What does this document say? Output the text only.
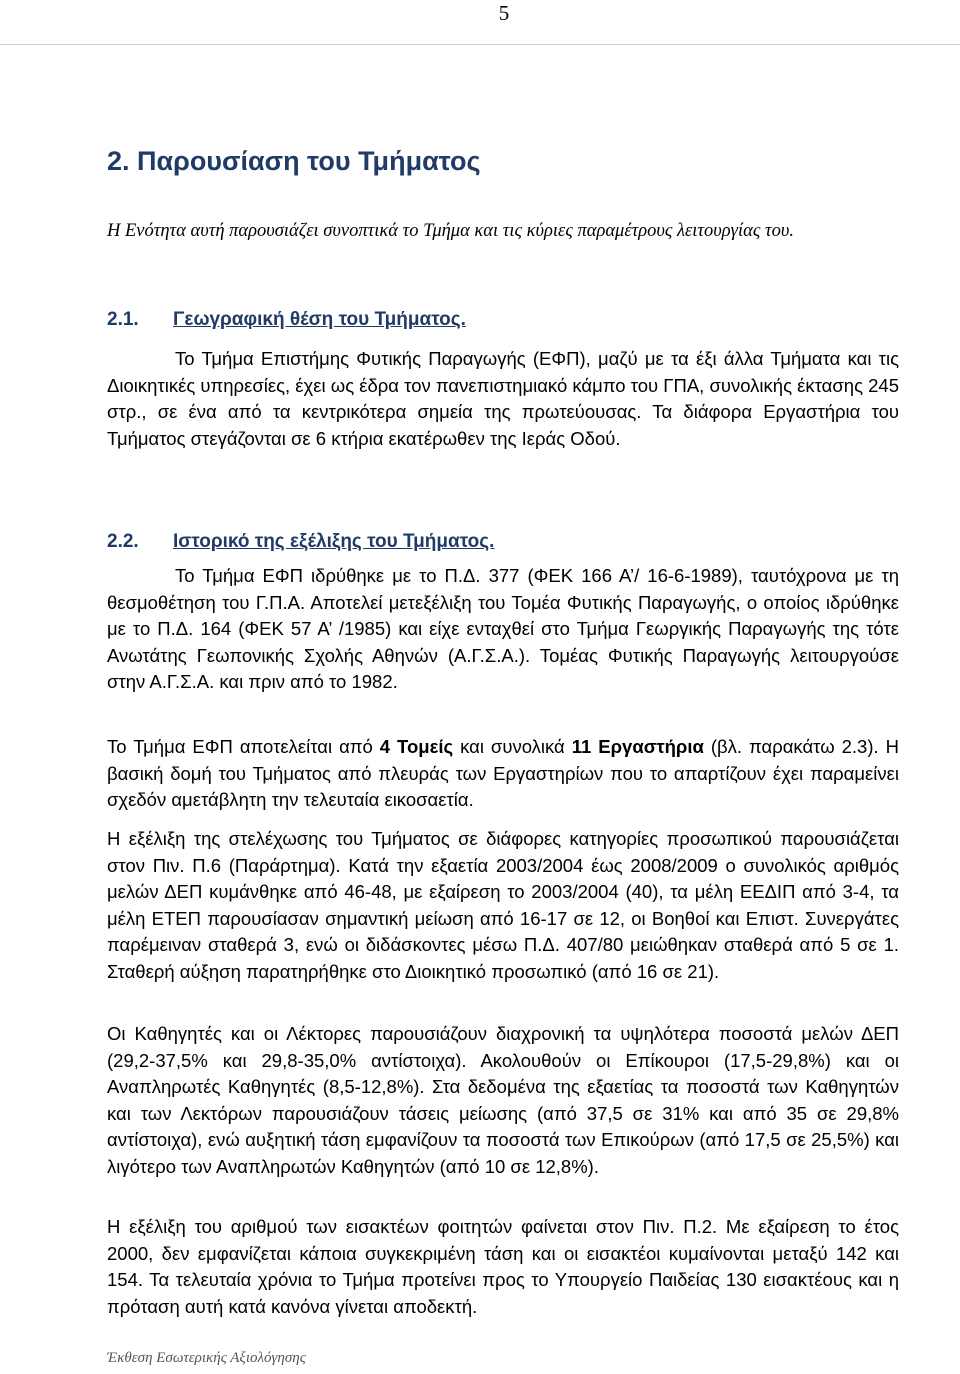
5
2. Παρουσίαση του Τμήματος
Η Ενότητα αυτή παρουσιάζει συνοπτικά το Τμήμα και τις κύριες παραμέτρους λειτουργίας του.
2.1. Γεωγραφική θέση του Τμήματος.

Το Τμήμα Επιστήμης Φυτικής Παραγωγής (ΕΦΠ), μαζύ με τα έξι άλλα Τμήματα και τις Διοικητικές υπηρεσίες, έχει ως έδρα τον πανεπιστημιακό κάμπο του ΓΠΑ, συνολικής έκτασης 245 στρ., σε ένα από τα κεντρικότερα σημεία της πρωτεύουσας. Τα διάφορα Εργαστήρια του Τμήματος στεγάζονται σε 6 κτήρια εκατέρωθεν της Ιεράς Οδού.

2.2. Ιστορικό της εξέλιξης του Τμήματος.

Το Τμήμα ΕΦΠ ιδρύθηκε με το Π.Δ. 377 (ΦΕΚ 166 Α’/ 16-6-1989), ταυτόχρονα με τη θεσμοθέτηση του Γ.Π.Α. Αποτελεί μετεξέλιξη του Τομέα Φυτικής Παραγωγής, ο οποίος ιδρύθηκε με το Π.Δ. 164 (ΦΕΚ 57 Α’ /1985) και είχε ενταχθεί στο Τμήμα Γεωργικής Παραγωγής της τότε Ανωτάτης Γεωπονικής Σχολής Αθηνών (Α.Γ.Σ.Α.). Τομέας Φυτικής Παραγωγής λειτουργούσε στην Α.Γ.Σ.Α. και πριν από το 1982.

Το Τμήμα ΕΦΠ αποτελείται από 4 Τομείς και συνολικά 11 Εργαστήρια (βλ. παρακάτω 2.3). Η βασική δομή του Τμήματος από πλευράς των Εργαστηρίων που το απαρτίζουν έχει παραμείνει σχεδόν αμετάβλητη την τελευταία εικοσαετία.

Η εξέλιξη της στελέχωσης του Τμήματος σε διάφορες κατηγορίες προσωπικού παρουσιάζεται στον Πιν. Π.6 (Παράρτημα). Κατά την εξαετία 2003/2004 έως 2008/2009 ο συνολικός αριθμός μελών ΔΕΠ κυμάνθηκε από 46-48, με εξαίρεση το 2003/2004 (40), τα μέλη ΕΕΔΙΠ από 3-4, τα μέλη ΕΤΕΠ παρουσίασαν σημαντική μείωση από 16-17 σε 12, οι Βοηθοί και Επιστ. Συνεργάτες παρέμειναν σταθερά 3, ενώ οι διδάσκοντες μέσω Π.Δ. 407/80 μειώθηκαν σταθερά από 5 σε 1. Σταθερή αύξηση παρατηρήθηκε στο Διοικητικό προσωπικό (από 16 σε 21).

Οι Καθηγητές και οι Λέκτορες παρουσιάζουν διαχρονική τα υψηλότερα ποσοστά μελών ΔΕΠ (29,2-37,5% και 29,8-35,0% αντίστοιχα). Ακολουθούν οι Επίκουροι (17,5-29,8%) και οι Αναπληρωτές Καθηγητές (8,5-12,8%). Στα δεδομένα της εξαετίας τα ποσοστά των Καθηγητών και των Λεκτόρων παρουσιάζουν τάσεις μείωσης (από 37,5 σε 31% και από 35 σε 29,8% αντίστοιχα), ενώ αυξητική τάση εμφανίζουν τα ποσοστά των Επικούρων (από 17,5 σε 25,5%) και λιγότερο των Αναπληρωτών Καθηγητών (από 10 σε 12,8%).

Η εξέλιξη του αριθμού των εισακτέων φοιτητών φαίνεται στον Πιν. Π.2. Με εξαίρεση το έτος 2000, δεν εμφανίζεται κάποια συγκεκριμένη τάση και οι εισακτέοι κυμαίνονται μεταξύ 142 και 154. Τα τελευταία χρόνια το Τμήμα προτείνει προς το Υπουργείο Παιδείας 130 εισακτέους και η πρόταση αυτή κατά κανόνα γίνεται αποδεκτή.

Έκθεση Εσωτερικής Αξιολόγησης
